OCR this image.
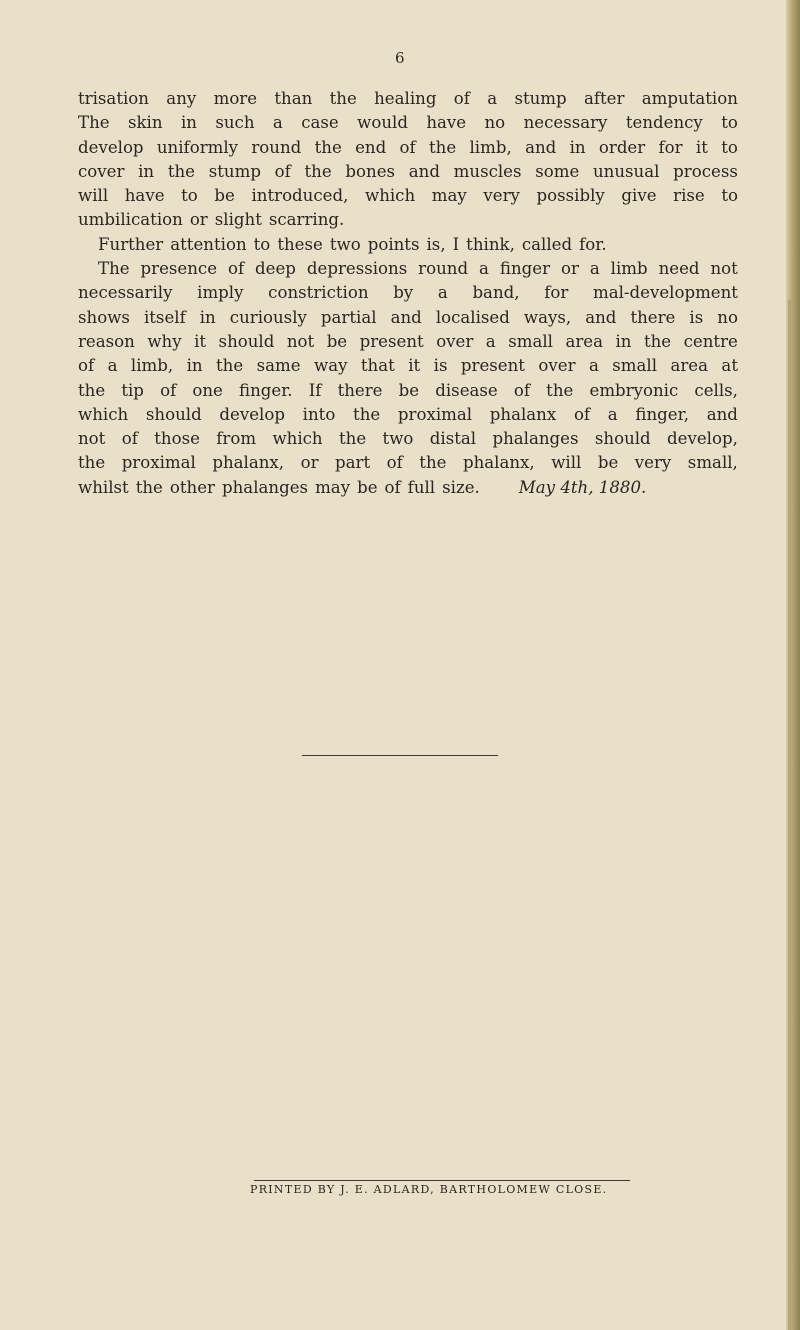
6
trisation any more than the healing of a stump after amputation
The skin in such a case would have no necessary tendency to
develop uniformly round the end of the limb, and in order for it to
cover in the stump of the bones and muscles some unusual process
will have to be introduced, which may very possibly give rise to
umbilication or slight scarring.
Further attention to these two points is, I think, called for.
The presence of deep depressions round a finger or a limb need not
necessarily imply constriction by a band, for mal-development
shows itself in curiously partial and localised ways, and there is no
reason why it should not be present over a small area in the centre
of a limb, in the same way that it is present over a small area at
the tip of one finger. If there be disease of the embryonic cells,
which should develop into the proximal phalanx of a finger, and
not of those from which the two distal phalanges should develop,
the proximal phalanx, or part of the phalanx, will be very small,
whilst the other phalanges may be of full size. May 4th, 1880.
PRINTED BY J. E. ADLARD, BARTHOLOMEW CLOSE.
